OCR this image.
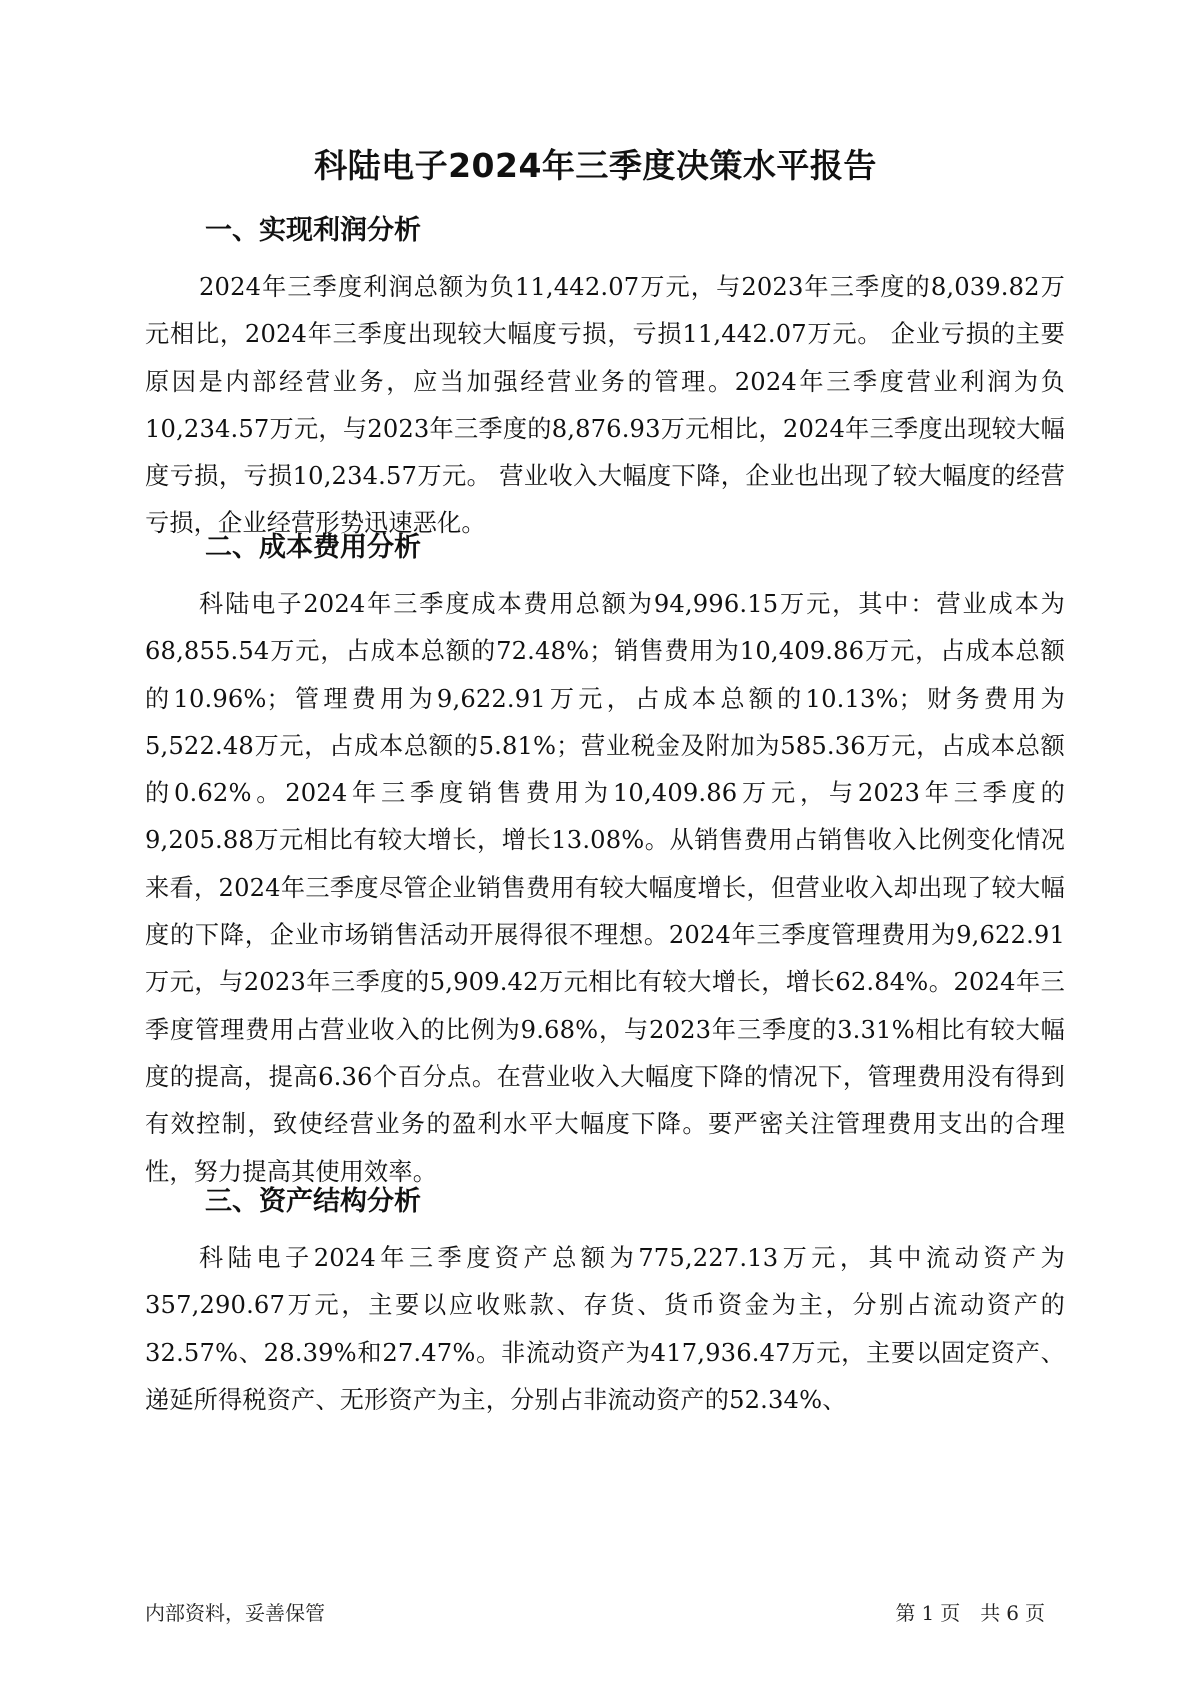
科陆电子2024年三季度决策水平报告
一、实现利润分析

2024年三季度利润总额为负11,442.07万元，与2023年三季度的8,039.82万元相比，2024年三季度出现较大幅度亏损，亏损11,442.07万元。 企业亏损的主要原因是内部经营业务，应当加强经营业务的管理。2024年三季度营业利润为负10,234.57万元，与2023年三季度的8,876.93万元相比，2024年三季度出现较大幅度亏损，亏损10,234.57万元。 营业收入大幅度下降，企业也出现了较大幅度的经营亏损，企业经营形势迅速恶化。

二、成本费用分析

科陆电子2024年三季度成本费用总额为94,996.15万元，其中：营业成本为68,855.54万元，占成本总额的72.48%；销售费用为10,409.86万元，占成本总额的10.96%；管理费用为9,622.91万元，占成本总额的10.13%；财务费用为5,522.48万元，占成本总额的5.81%；营业税金及附加为585.36万元，占成本总额的0.62%。2024年三季度销售费用为10,409.86万元，与2023年三季度的9,205.88万元相比有较大增长，增长13.08%。从销售费用占销售收入比例变化情况来看，2024年三季度尽管企业销售费用有较大幅度增长，但营业收入却出现了较大幅度的下降，企业市场销售活动开展得很不理想。2024年三季度管理费用为9,622.91万元，与2023年三季度的5,909.42万元相比有较大增长，增长62.84%。2024年三季度管理费用占营业收入的比例为9.68%，与2023年三季度的3.31%相比有较大幅度的提高，提高6.36个百分点。在营业收入大幅度下降的情况下，管理费用没有得到有效控制，致使经营业务的盈利水平大幅度下降。要严密关注管理费用支出的合理性，努力提高其使用效率。

三、资产结构分析

科陆电子2024年三季度资产总额为775,227.13万元，其中流动资产为357,290.67万元，主要以应收账款、存货、货币资金为主，分别占流动资产的32.57%、28.39%和27.47%。非流动资产为417,936.47万元，主要以固定资产、递延所得税资产、无形资产为主，分别占非流动资产的52.34%、

内部资料，妥善保管	第 1 页 共 6 页
